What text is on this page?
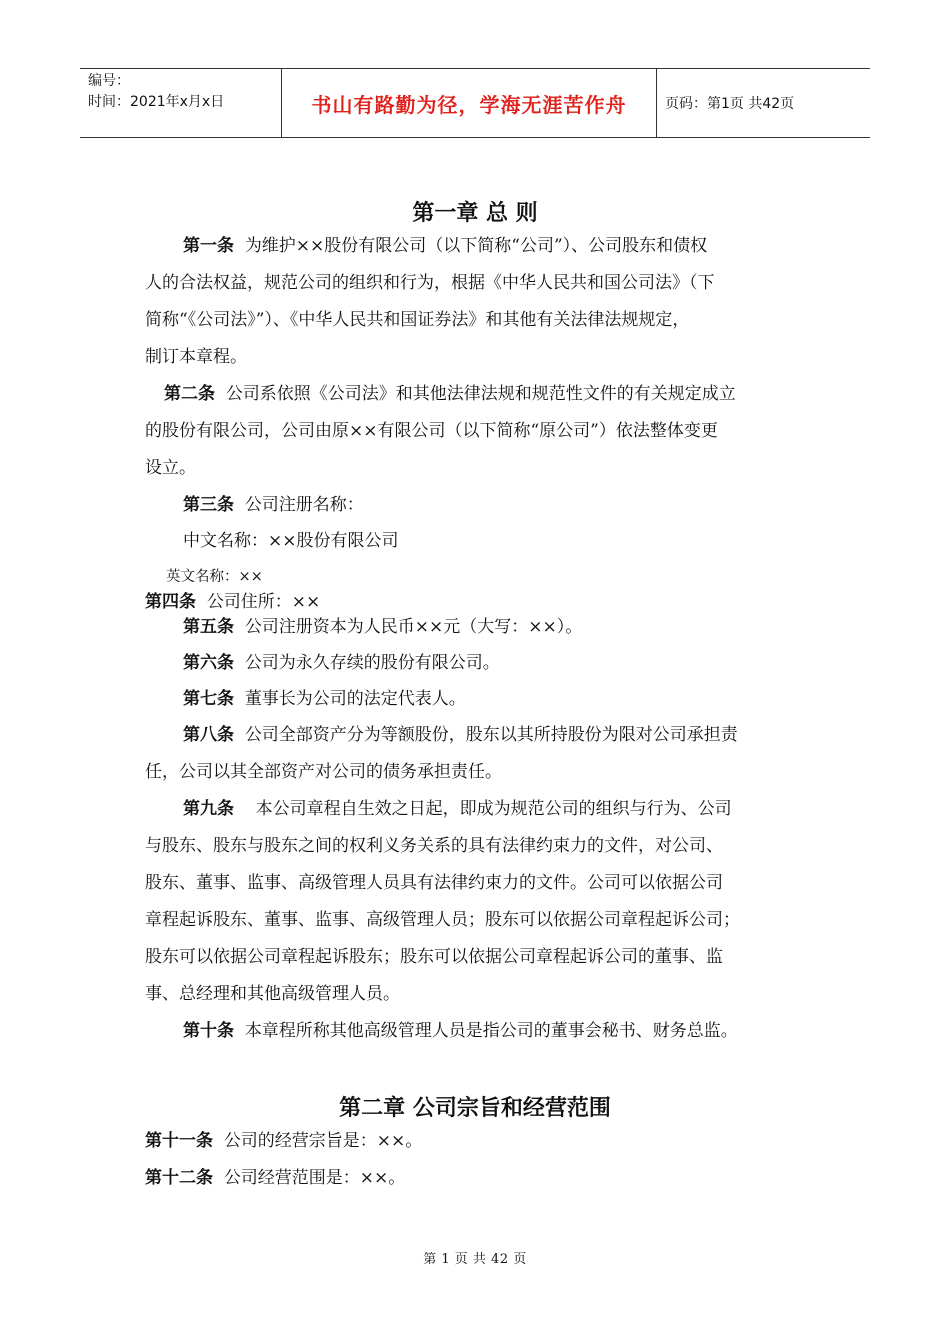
编号：
时间：2021年x月x日	书山有路勤为径，学海无涯苦作舟	页码：第1页 共42页
第一章 总 则
第一条 为维护××股份有限公司（以下简称“公司”）、公司股东和债权
人的合法权益，规范公司的组织和行为，根据《中华人民共和国公司法》（下
简称“《公司法》”）、《中华人民共和国证券法》和其他有关法律法规规定，
制订本章程。
第二条 公司系依照《公司法》和其他法律法规和规范性文件的有关规定成立
的股份有限公司，公司由原××有限公司（以下简称“原公司”）依法整体变更
设立。
第三条 公司注册名称：
中文名称：××股份有限公司
英文名称：××
第四条 公司住所：××
第五条 公司注册资本为人民币××元（大写：××）。
第六条 公司为永久存续的股份有限公司。
第七条 董事长为公司的法定代表人。
第八条 公司全部资产分为等额股份，股东以其所持股份为限对公司承担责
任，公司以其全部资产对公司的债务承担责任。
第九条 本公司章程自生效之日起，即成为规范公司的组织与行为、公司
与股东、股东与股东之间的权利义务关系的具有法律约束力的文件，对公司、
股东、董事、监事、高级管理人员具有法律约束力的文件。公司可以依据公司
章程起诉股东、董事、监事、高级管理人员；股东可以依据公司章程起诉公司；
股东可以依据公司章程起诉股东；股东可以依据公司章程起诉公司的董事、监
事、总经理和其他高级管理人员。
第十条 本章程所称其他高级管理人员是指公司的董事会秘书、财务总监。
第二章 公司宗旨和经营范围
第十一条 公司的经营宗旨是：××。
第十二条 公司经营范围是：××。
第 1 页 共 42 页
